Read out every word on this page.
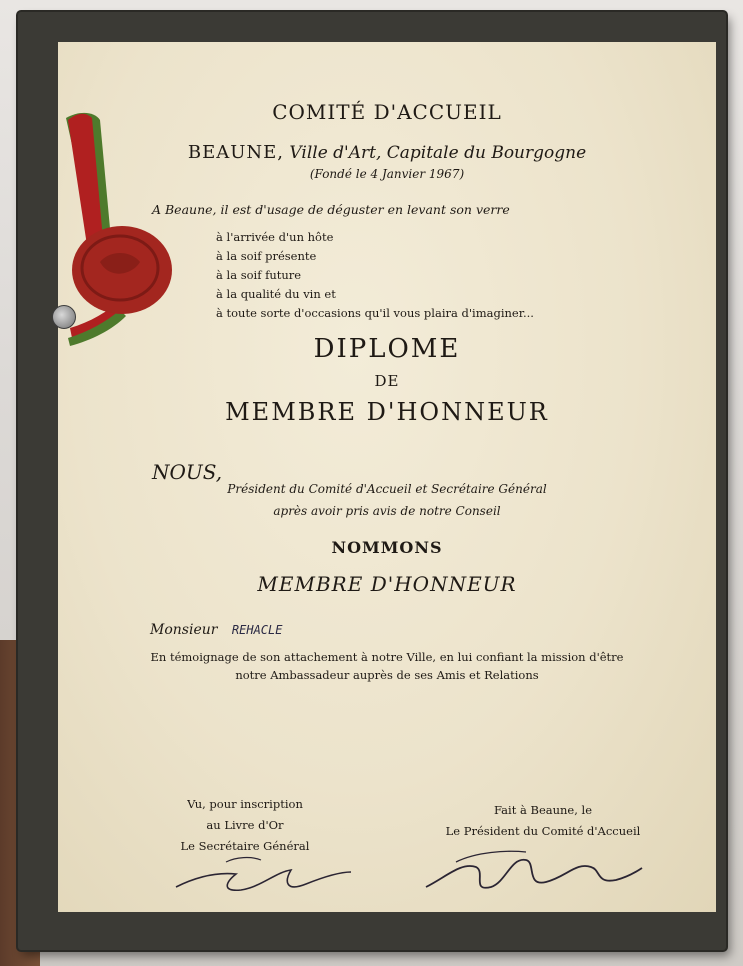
COMITÉ D'ACCUEIL
BEAUNE, Ville d'Art, Capitale du Bourgogne
(Fondé le 4 Janvier 1967)
A Beaune, il est d'usage de déguster en levant son verre
à l'arrivée d'un hôte
à la soif présente
à la soif future
à la qualité du vin et
à toute sorte d'occasions qu'il vous plaira d'imaginer...
DIPLOME
DE
MEMBRE D'HONNEUR
NOUS,
Président du Comité d'Accueil et Secrétaire Général
après avoir pris avis de notre Conseil
NOMMONS
MEMBRE D'HONNEUR
Monsieur REHACLE
En témoignage de son attachement à notre Ville, en lui confiant la mission d'être
notre Ambassadeur auprès de ses Amis et Relations
Vu, pour inscription
au Livre d'Or
Le Secrétaire Général
Fait à Beaune, le
Le Président du Comité d'Accueil
